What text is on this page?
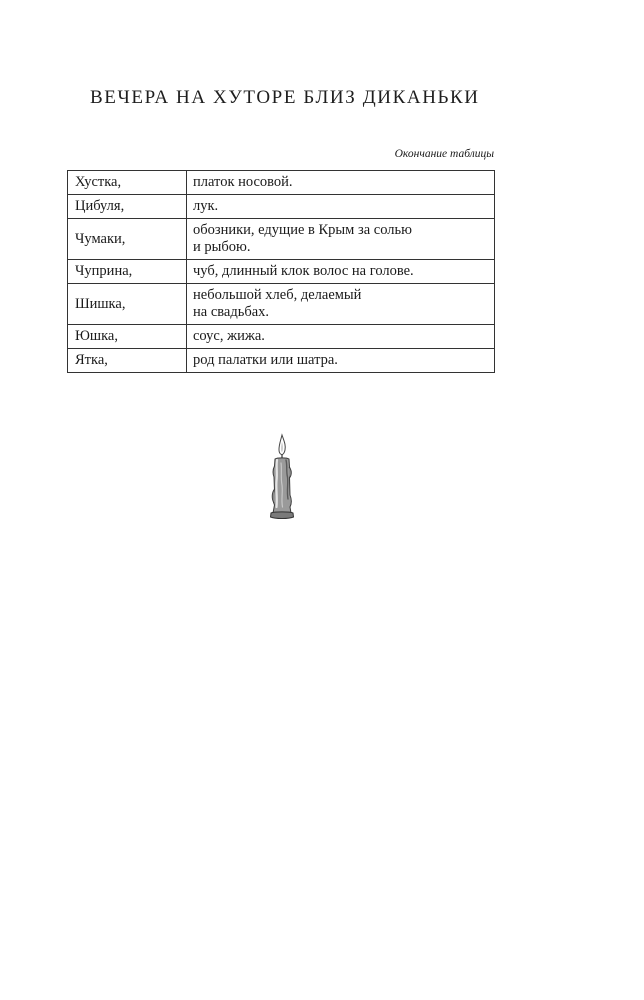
ВЕЧЕРА НА ХУТОРЕ БЛИЗ ДИКАНЬКИ
Окончание таблицы
Хустка,	платок носовой.
Цибуля,	лук.
Чумаки,	обозники, едущие в Крым за солью
и рыбою.
Чуприна,	чуб, длинный клок волос на голове.
Шишка,	небольшой хлеб, делаемый
на свадьбах.
Юшка,	соус, жижа.
Ятка,	род палатки или шатра.
